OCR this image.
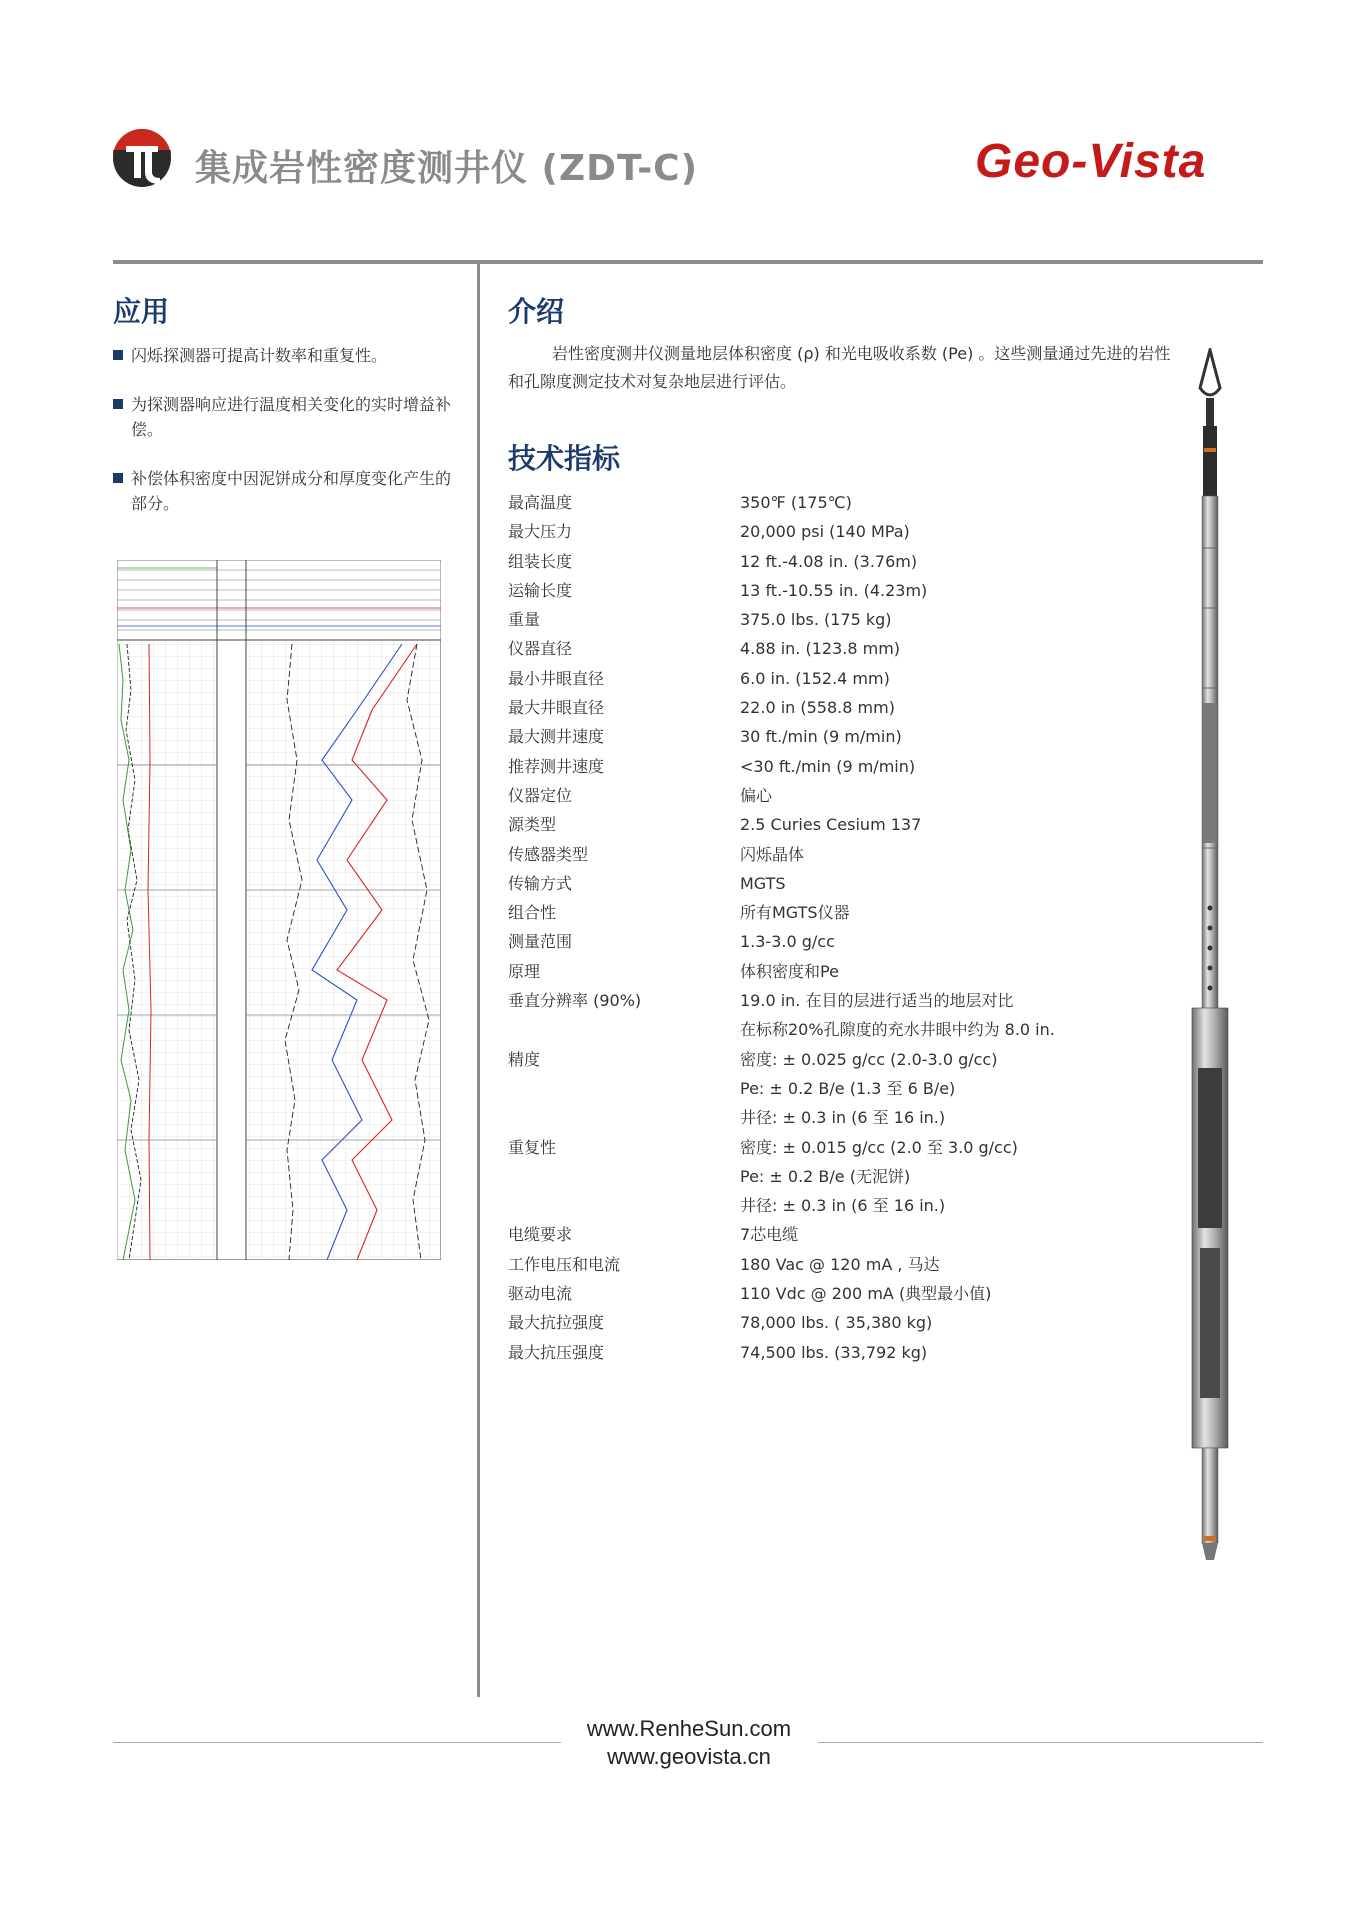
集成岩性密度测井仪 (ZDT-C)	Geo-Vista
应用
闪烁探测器可提高计数率和重复性。
为探测器响应进行温度相关变化的实时增益补偿。
补偿体积密度中因泥饼成分和厚度变化产生的部分。
介绍
岩性密度测井仪测量地层体积密度 (ρ) 和光电吸收系数 (Pe) 。这些测量通过先进的岩性和孔隙度测定技术对复杂地层进行评估。
技术指标
最高温度	350℉ (175℃)
最大压力	20,000 psi (140 MPa)
组装长度	12 ft.-4.08 in. (3.76m)
运输长度	13 ft.-10.55 in. (4.23m)
重量	375.0 lbs. (175 kg)
仪器直径	4.88 in. (123.8 mm)
最小井眼直径	6.0 in. (152.4 mm)
最大井眼直径	22.0 in (558.8 mm)
最大测井速度	30 ft./min (9 m/min)
推荐测井速度	<30 ft./min (9 m/min)
仪器定位	偏心
源类型	2.5 Curies Cesium 137
传感器类型	闪烁晶体
传输方式	MGTS
组合性	所有MGTS仪器
测量范围	1.3-3.0 g/cc
原理	体积密度和Pe
垂直分辨率 (90%)	19.0 in. 在目的层进行适当的地层对比
在标称20%孔隙度的充水井眼中约为 8.0 in.
精度	密度: ± 0.025 g/cc (2.0-3.0 g/cc)
Pe: ± 0.2 B/e (1.3 至 6 B/e)
井径: ± 0.3 in (6 至 16 in.)
重复性	密度: ± 0.015 g/cc (2.0 至 3.0 g/cc)
Pe: ± 0.2 B/e (无泥饼)
井径: ± 0.3 in (6 至 16 in.)
电缆要求	7芯电缆
工作电压和电流	180 Vac @ 120 mA , 马达
驱动电流	110 Vdc @ 200 mA (典型最小值)
最大抗拉强度	78,000 lbs. ( 35,380 kg)
最大抗压强度	74,500 lbs. (33,792 kg)
www.RenheSun.com
www.geovista.cn
